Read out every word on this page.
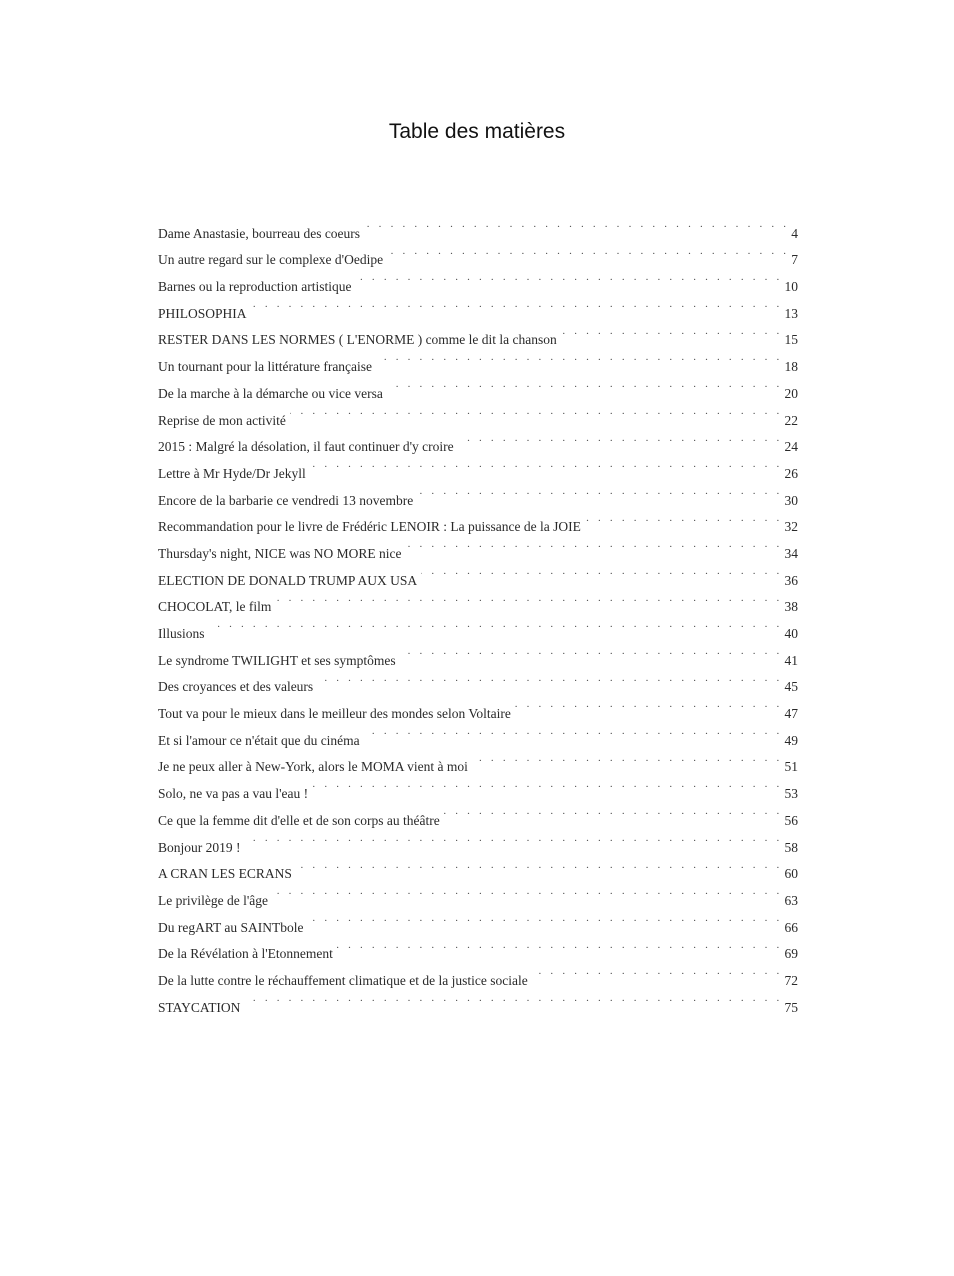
Table des matières
Dame Anastasie, bourreau des coeurs . . .	4
Un autre regard sur le complexe d'Oedipe . . .	7
Barnes ou la reproduction artistique . . .	10
PHILOSOPHIA . . .	13
RESTER DANS LES NORMES ( L'ENORME ) comme le dit la chanson . . .	15
Un tournant pour la littérature française . . .	18
De la marche à la démarche ou vice versa . . .	20
Reprise de mon activité . . .	22
2015 : Malgré la désolation, il faut continuer d'y croire . . .	24
Lettre à Mr Hyde/Dr Jekyll . . .	26
Encore de la barbarie ce vendredi 13 novembre . . .	30
Recommandation pour le livre de Frédéric LENOIR : La puissance de la JOIE . . .	32
Thursday's night, NICE was NO MORE nice . . .	34
ELECTION DE DONALD TRUMP AUX USA . . .	36
CHOCOLAT, le film . . .	38
Illusions . . .	40
Le syndrome TWILIGHT et ses symptômes . . .	41
Des croyances et des valeurs . . .	45
Tout va pour le mieux dans le meilleur des mondes selon Voltaire . . .	47
Et si l'amour ce n'était que du cinéma . . .	49
Je ne peux aller à New-York, alors le MOMA vient à moi . . .	51
Solo, ne va pas a vau l'eau ! . . .	53
Ce que la femme dit d'elle et de son corps au théâtre . . .	56
Bonjour 2019 ! . . .	58
A CRAN LES ECRANS . . .	60
Le privilège de l'âge . . .	63
Du regART au SAINTbole . . .	66
De la Révélation à l'Etonnement . . .	69
De la lutte contre le réchauffement climatique et de la justice sociale . . .	72
STAYCATION . . .	75
